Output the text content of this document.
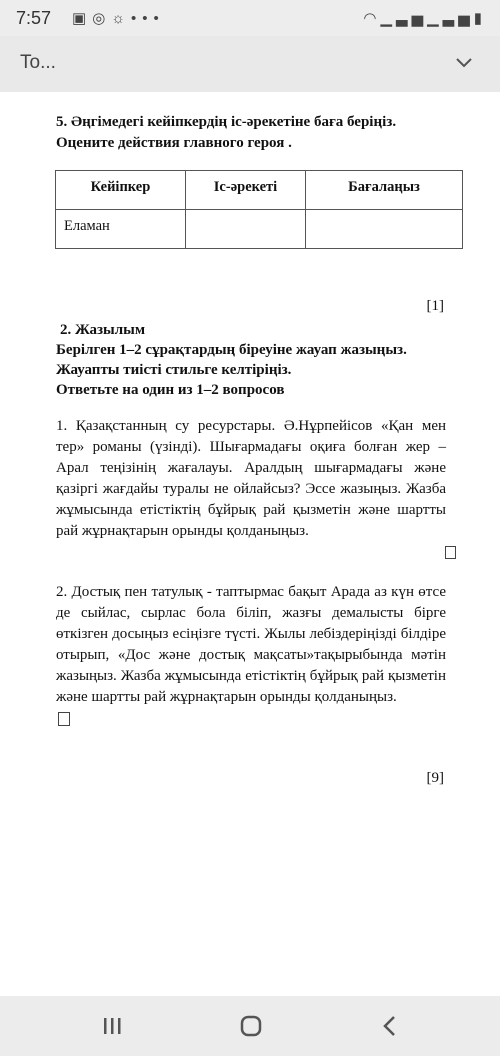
7:57 ▣◎☼•••	◠▁▃▅▁▃▅▮
To...
5. Әңгімедегі кейіпкердің іс-әрекетіне баға беріңіз.
Оцените действия главного героя .
Кейіпкер	Іс-әрекеті	Бағалаңыз
Еламан		
[1]
2. Жазылым
Берілген 1–2 сұрақтардың біреуіне жауап жазыңыз.
Жауапты тиісті стильге келтіріңіз.
Ответьте на один из 1–2 вопросов
1. Қазақстанның су ресурстары. Ә.Нұрпейісов «Қан мен тер» романы (үзінді). Шығармадағы оқиға болған жер – Арал теңізінің жағалауы. Аралдың шығармадағы және қазіргі жағдайы туралы не ойлайсыз? Эссе жазыңыз. Жазба жұмысында етістіктің бұйрық рай қызметін және шартты рай жұрнақтарын орынды қолданыңыз.
2. Достық пен татулық - таптырмас бақыт Арада аз күн өтсе де сыйлас, сырлас бола біліп, жазғы демалысты бірге өткізген досыңыз есіңізге түсті. Жылы лебіздеріңізді білдіре отырып, «Дос және достық мақсаты»тақырыбында мәтін жазыңыз. Жазба жұмысында етістіктің бұйрық рай қызметін және шартты рай жұрнақтарын орынды қолданыңыз.

[9]
